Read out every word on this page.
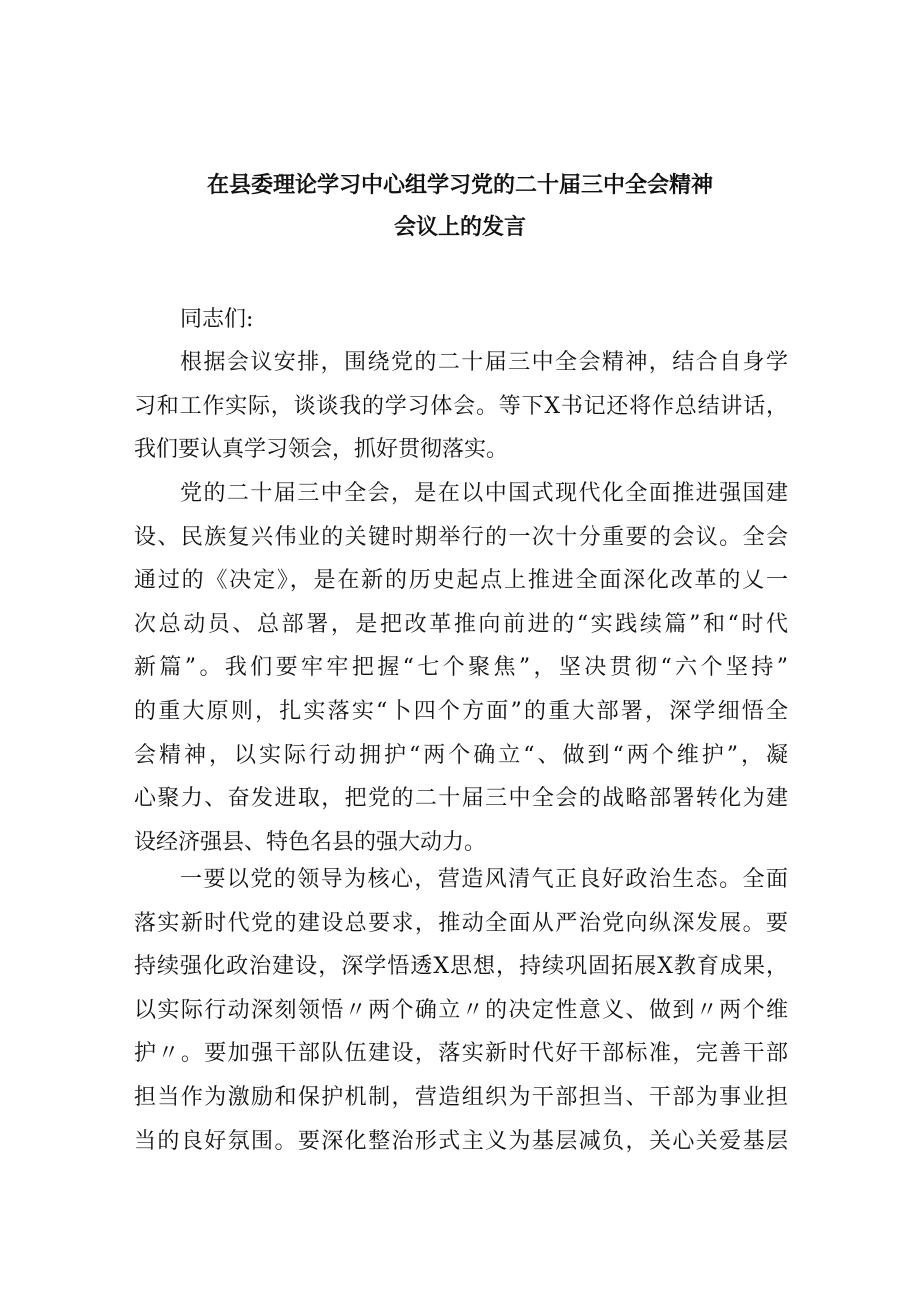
在县委理论学习中心组学习党的二十届三中全会精神
会议上的发言
同志们:
根据会议安排，围绕党的二十届三中全会精神，结合自身学
习和工作实际，谈谈我的学习体会。等下X书记还将作总结讲话，
我们要认真学习领会，抓好贯彻落实。
党的二十届三中全会，是在以中国式现代化全面推进强国建
设、民族复兴伟业的关键时期举行的一次十分重要的会议。全会
通过的《决定》，是在新的历史起点上推进全面深化改革的乂一
次总动员、总部署，是把改革推向前进的“实践续篇”和“时代
新篇”。我们要牢牢把握“七个聚焦”，坚决贯彻“六个坚持”
的重大原则，扎实落实“卜四个方面”的重大部署，深学细悟全
会精神，以实际行动拥护“两个确立“、做到“两个维护”，凝
心聚力、奋发进取，把党的二十届三中全会的战略部署转化为建
设经济强县、特色名县的强大动力。
一要以党的领导为核心，营造风清气正良好政治生态。全面
落实新时代党的建设总要求，推动全面从严治党向纵深发展。要
持续强化政治建设，深学悟透X思想，持续巩固拓展X教育成果，
以实际行动深刻领悟〃两个确立〃的决定性意义、做到〃两个维
护〃。要加强干部队伍建设，落实新时代好干部标准，完善干部
担当作为激励和保护机制，营造组织为干部担当、干部为事业担
当的良好氛围。要深化整治形式主义为基层减负，关心关爱基层
